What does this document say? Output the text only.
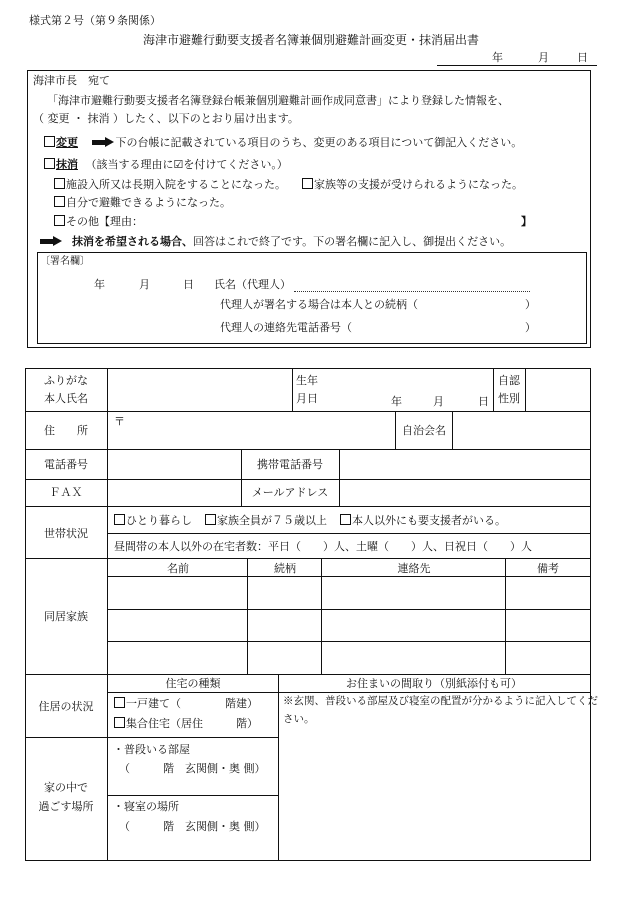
様式第２号（第９条関係）
海津市避難行動要支援者名簿兼個別避難計画変更・抹消届出書
年	月	日
海津市長　宛て
「海津市避難行動要支援者名簿登録台帳兼個別避難計画作成同意書」により登録した情報を、
（ 変更 ・ 抹消 ）したく、以下のとおり届け出ます。
変更	下の台帳に記載されている項目のうち、変更のある項目について御記入ください。
抹消 （該当する理由に☑を付けてください。）
施設入所又は長期入院をすることになった。	家族等の支援が受けられるようになった。
自分で避難できるようになった。
その他【理由：	】
抹消を希望される場合、回答はこれで終了です。下の署名欄に記入し、御提出ください。
〔署名欄〕
年	月	日 氏名（代理人）
代理人が署名する場合は本人との続柄（	）
代理人の連絡先電話番号（	）
ふりがな
本人氏名
生年
月日	年	月	日
自認
性別
住　　所
〒
自治会名
電話番号	携帯電話番号
ＦＡＸ	メールアドレス
世帯状況
ひとり暮らし	家族全員が７５歳以上	本人以外にも要支援者がいる。
昼間帯の本人以外の在宅者数：平日（　　）人、土曜（　　）人、日祝日（　　）人
同居家族
名前	続柄	連絡先	備考
住居の状況
住宅の種類
一戸建て（　　　　階建）
集合住宅（居住　　　階）
お住まいの間取り（別紙添付も可）
※玄関、普段いる部屋及び寝室の配置が分かるように記入してくだ
さい。
家の中で
過ごす場所
・普段いる部屋
（　　　階　玄関側・奥 側）
・寝室の場所
（　　　階　玄関側・奥 側）
